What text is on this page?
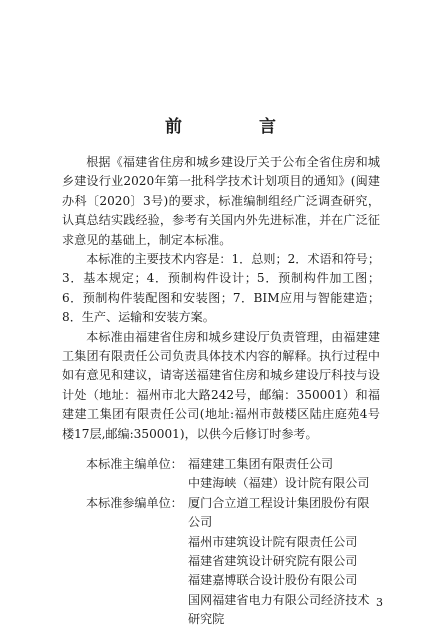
前　言

根据《福建省住房和城乡建设厅关于公布全省住房和城乡建设行业2020年第一批科学技术计划项目的通知》(闽建办科〔2020〕3号)的要求，标准编制组经广泛调查研究，认真总结实践经验，参考有关国内外先进标准，并在广泛征求意见的基础上，制定本标准。

本标准的主要技术内容是：1．总则；2．术语和符号；3．基本规定；4．预制构件设计；5．预制构件加工图；6．预制构件装配图和安装图；7．BIM应用与智能建造；8．生产、运输和安装方案。

本标准由福建省住房和城乡建设厅负责管理，由福建建工集团有限责任公司负责具体技术内容的解释。执行过程中如有意见和建议，请寄送福建省住房和城乡建设厅科技与设计处（地址：福州市北大路242号，邮编：350001）和福建建工集团有限责任公司(地址:福州市鼓楼区陆庄庭苑4号楼17层,邮编:350001)，以供今后修订时参考。

本标准主编单位： 福建建工集团有限责任公司
中建海峡（福建）设计院有限公司
本标准参编单位： 厦门合立道工程设计集团股份有限公司
福州市建筑设计院有限责任公司
福建省建筑设计研究院有限公司
福建嘉博联合设计股份有限公司
国网福建省电力有限公司经济技术研究院
3
